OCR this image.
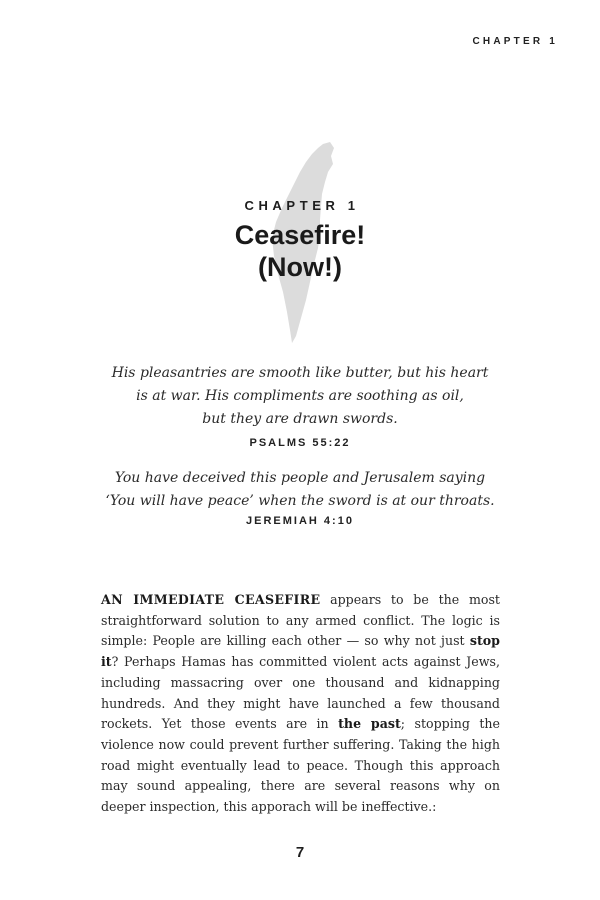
CHAPTER 1
CHAPTER 1
Ceasefire!
(Now!)

His pleasantries are smooth like butter, but his heart

is at war. His compliments are soothing as oil,

but they are drawn swords.

PSALMS 55:22

You have deceived this people and Jerusalem saying

‘You will have peace’ when the sword is at our throats.

JEREMIAH 4:10

AN IMMEDIATE CEASEFIRE appears to be the most straightforward solution to any armed conflict. The logic is simple: People are killing each other — so why not just stop it? Perhaps Hamas has committed violent acts against Jews, including massacring over one thousand and kidnapping hundreds. And they might have launched a few thousand rockets. Yet those events are in the past; stopping the violence now could prevent further suffering. Taking the high road might eventually lead to peace. Though this approach may sound appealing, there are several reasons why on deeper inspection, this apporach will be ineffective.:

7
